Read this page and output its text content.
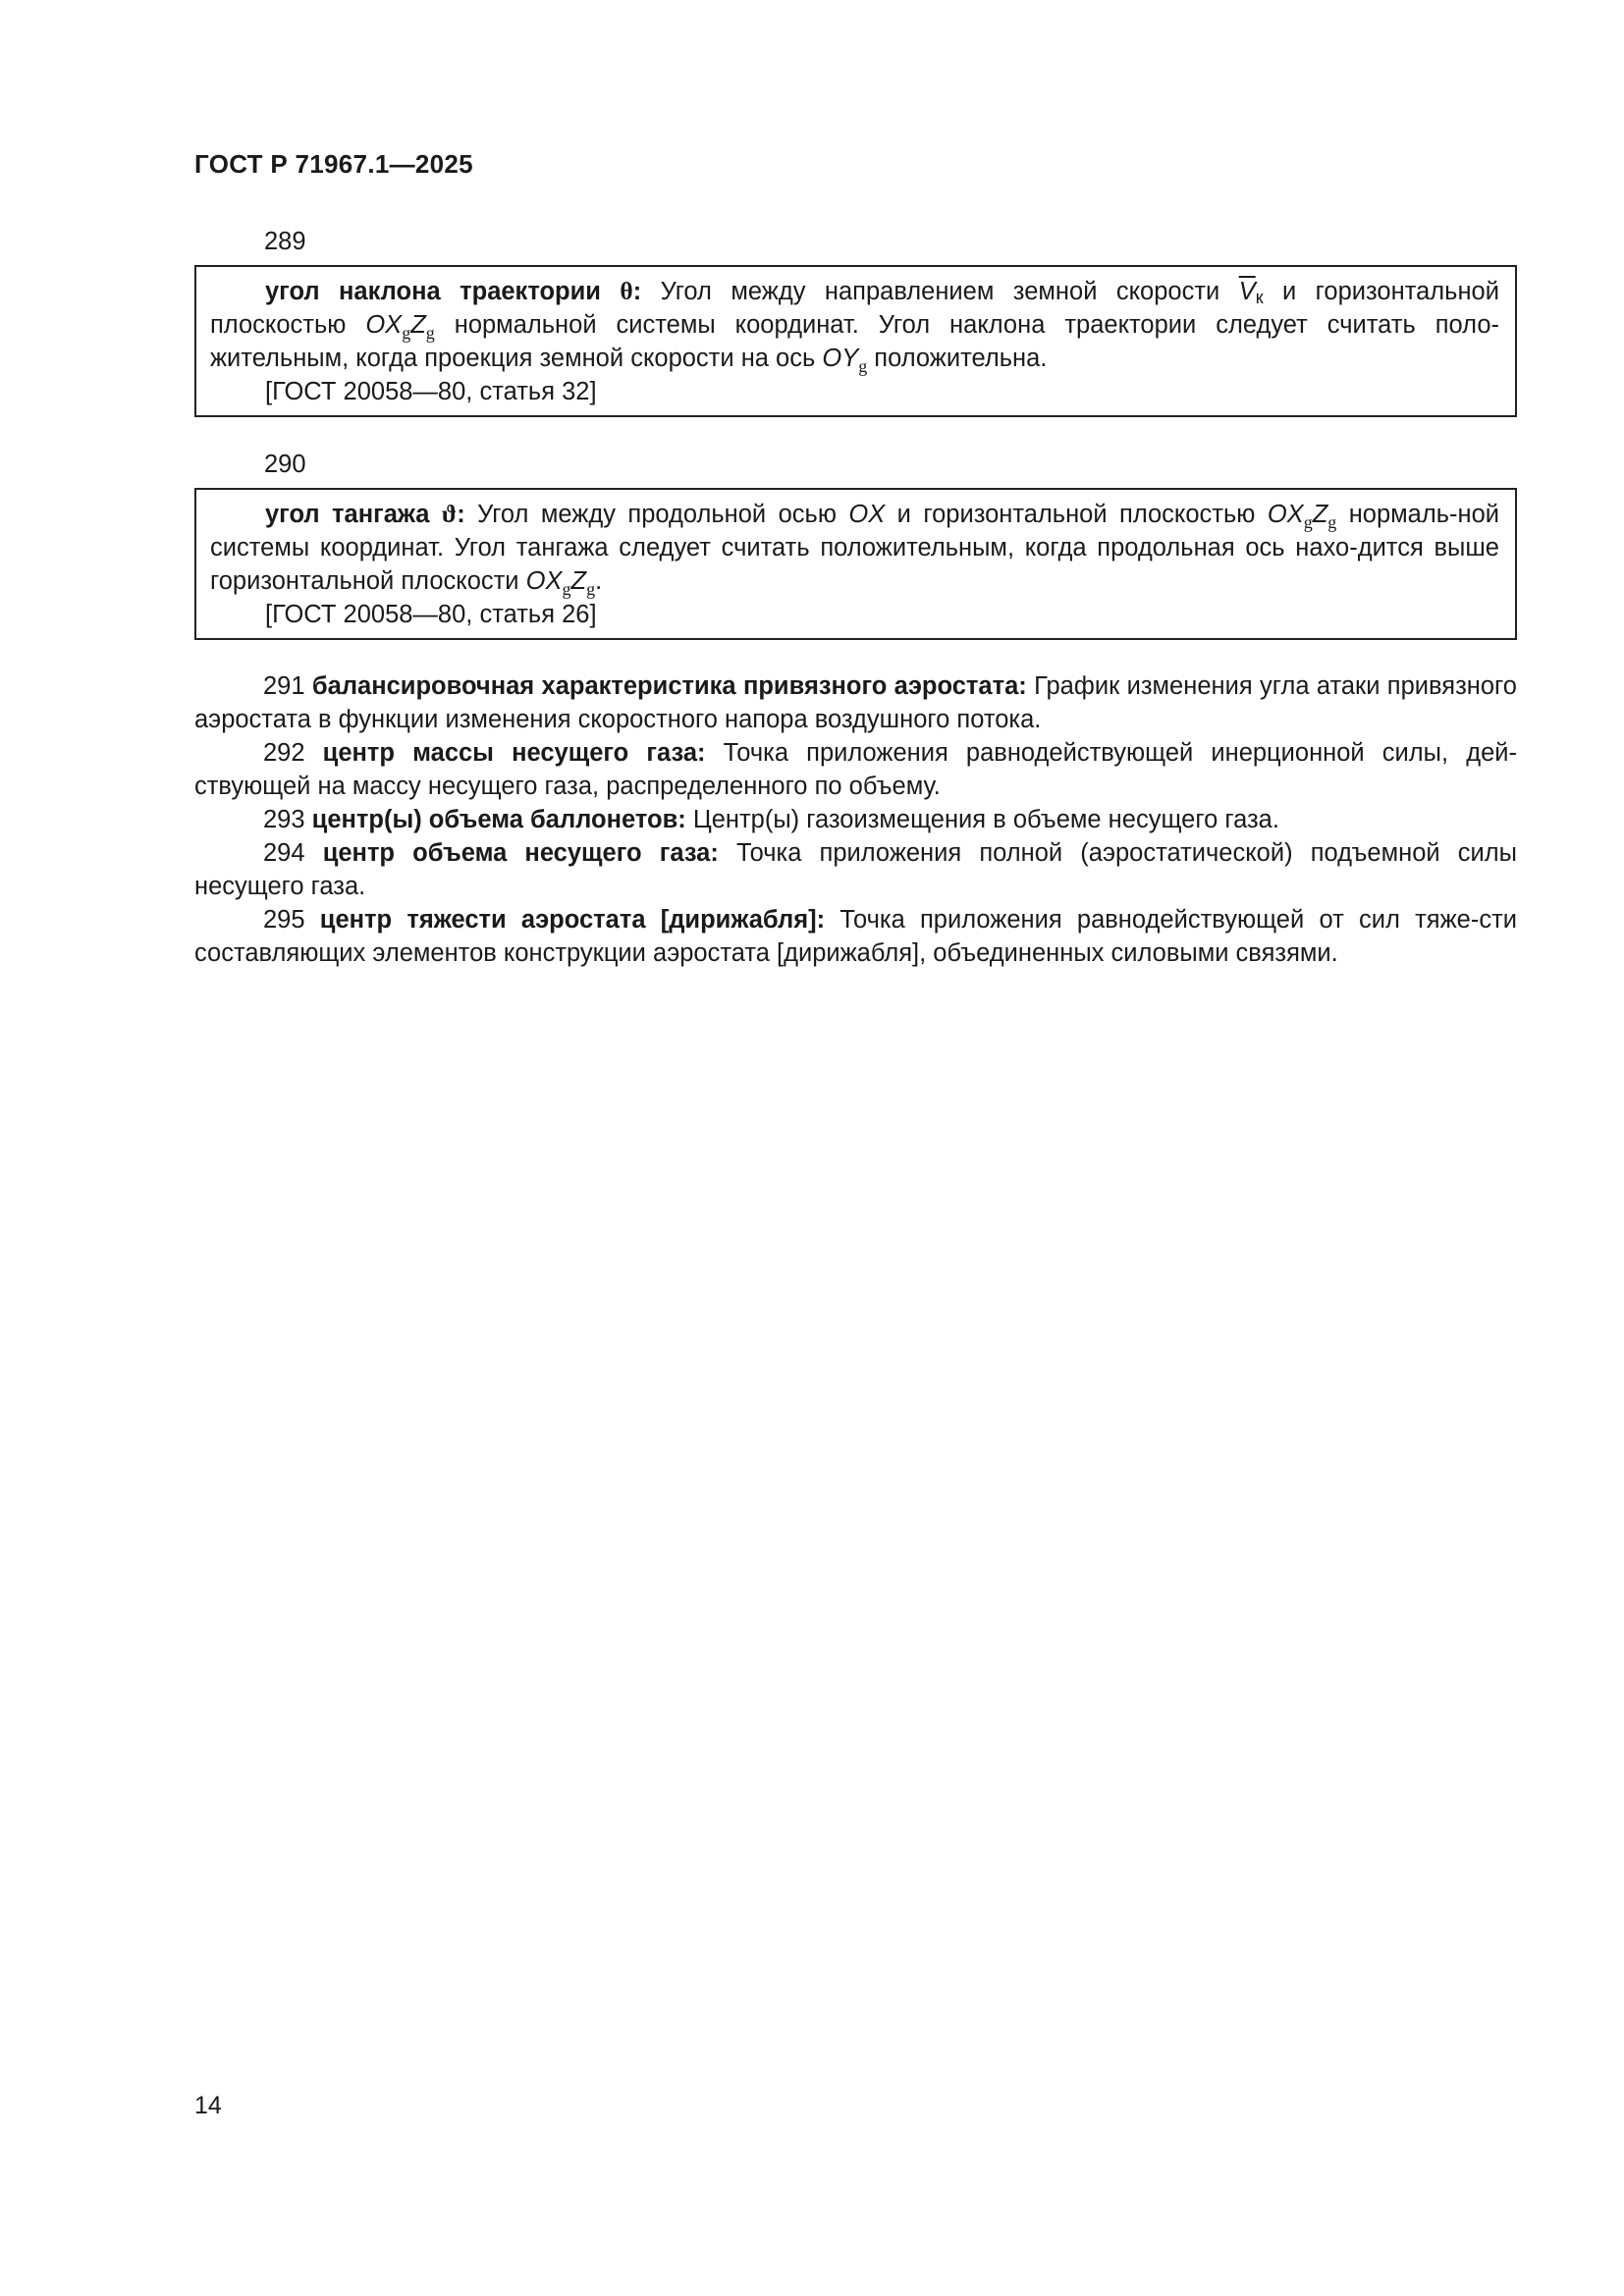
ГОСТ Р 71967.1—2025
289

угол наклона траектории θ: Угол между направлением земной скорости $\overline{V}к$ и горизонтальной плоскостью $OX_gZ_g$ нормальной системы координат. Угол наклона траектории следует считать поло-жительным, когда проекция земной скорости на ось $OY_g$ положительна.

[ГОСТ 20058—80, статья 32]

290

угол тангажа ϑ: Угол между продольной осью OX и горизонтальной плоскостью $OX_gZ_g$ нормаль-ной системы координат. Угол тангажа следует считать положительным, когда продольная ось нахо-дится выше горизонтальной плоскости $OX_gZ_g$.

[ГОСТ 20058—80, статья 26]

291 балансировочная характеристика привязного аэростата: График изменения угла атаки привязного аэростата в функции изменения скоростного напора воздушного потока.

292 центр массы несущего газа: Точка приложения равнодействующей инерционной силы, дей-ствующей на массу несущего газа, распределенного по объему.

293 центр(ы) объема баллонетов: Центр(ы) газоизмещения в объеме несущего газа.

294 центр объема несущего газа: Точка приложения полной (аэростатической) подъемной силы несущего газа.

295 центр тяжести аэростата [дирижабля]: Точка приложения равнодействующей от сил тяже-сти составляющих элементов конструкции аэростата [дирижабля], объединенных силовыми связями.

14
